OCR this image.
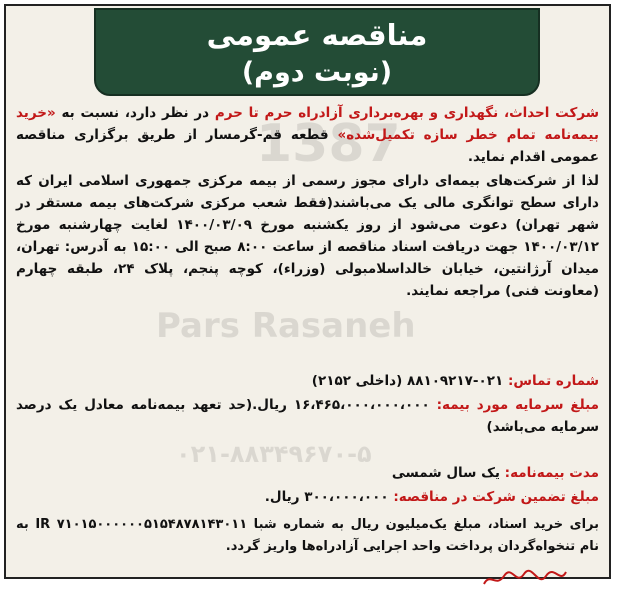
مناقصه عمومی
(نوبت دوم)
1387
Pars Rasaneh
۰۲۱-۸۸۳۴۹۶۷۰-۵
شرکت احداث، نگهداری و بهره‌برداری آزادراه حرم تا حرم در نظر دارد، نسبت به «خرید بیمه‌نامه تمام خطر سازه تکمیل‌شده» قطعه قم-گرمسار از طریق برگزاری مناقصه عمومی اقدام نماید.
لذا از شرکت‌های بیمه‌ای دارای مجوز رسمی از بیمه مرکزی جمهوری اسلامی ایران که دارای سطح توانگری مالی یک می‌باشند(فقط شعب مرکزی شرکت‌های بیمه مستقر در شهر تهران) دعوت می‌شود از روز یکشنبه مورخ ۱۴۰۰/۰۳/۰۹ لغایت چهارشنبه مورخ ۱۴۰۰/۰۳/۱۲ جهت دریافت اسناد مناقصه از ساعت ۸:۰۰ صبح الی ۱۵:۰۰ به آدرس: تهران، میدان آرژانتین، خیابان خالداسلامبولی (وزراء)، کوچه پنجم، پلاک ۲۴، طبقه چهارم (معاونت فنی) مراجعه نمایند.
شماره تماس: ۰۲۱-۸۸۱۰۹۲۱۷ (داخلی ۲۱۵۲)
مبلغ سرمایه مورد بیمه: ۱۶،۴۶۵،۰۰۰،۰۰۰،۰۰۰ ریال.(حد تعهد بیمه‌نامه معادل یک درصد سرمایه می‌باشد)
مدت بیمه‌نامه: یک سال شمسی
مبلغ تضمین شرکت در مناقصه: ۳۰۰،۰۰۰،۰۰۰ ریال.
برای خرید اسناد، مبلغ یک‌میلیون ریال به شماره شبا IR ۷۱۰۱۵۰۰۰۰۰۰۵۱۵۴۸۷۸۱۴۳۰۱۱ به نام تنخواه‌گردان پرداخت واحد اجرایی آزادراه‌ها واریز گردد.
